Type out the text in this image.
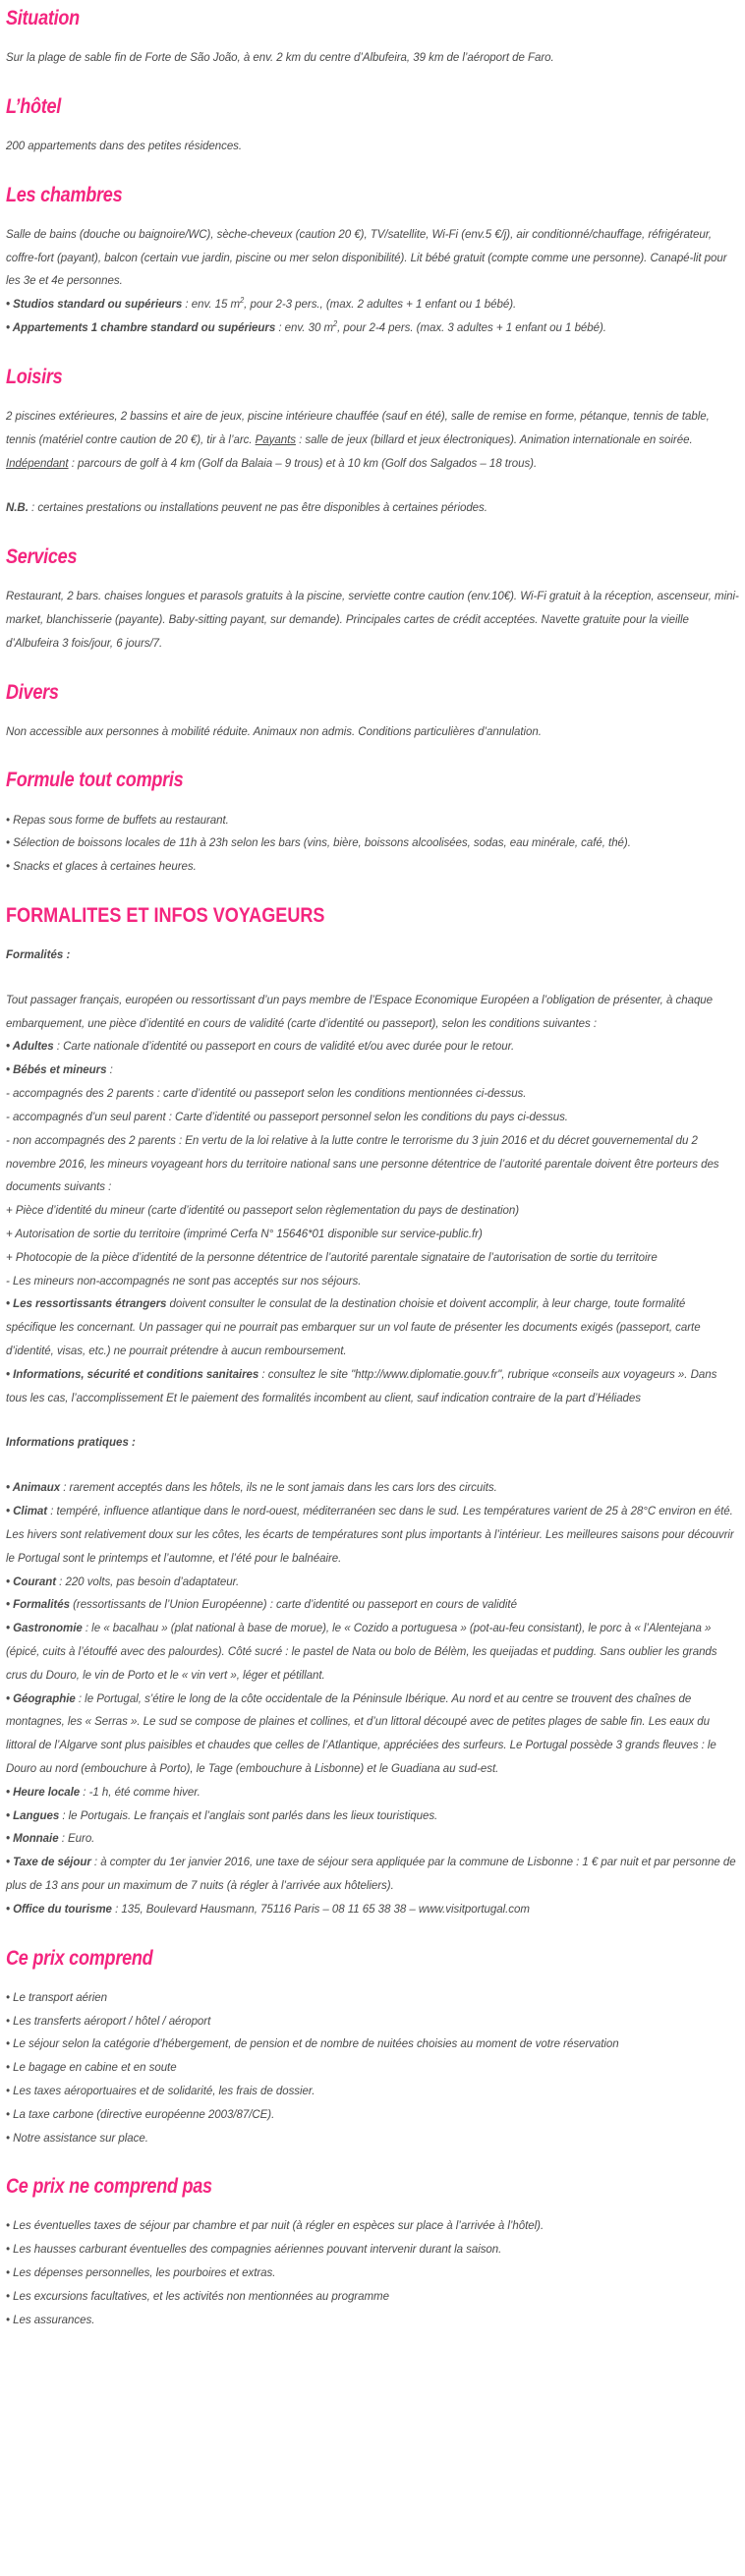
Situation

Sur la plage de sable fin de Forte de São João, à env. 2 km du centre d’Albufeira, 39 km de l’aéroport de Faro.

L’hôtel

200 appartements dans des petites résidences.

Les chambres

Salle de bains (douche ou baignoire/WC), sèche-cheveux (caution 20 €), TV/satellite, Wi-Fi (env.5 €/j), air conditionné/chauffage, réfrigérateur, coffre-fort (payant), balcon (certain vue jardin, piscine ou mer selon disponibilité). Lit bébé gratuit (compte comme une personne). Canapé-lit pour les 3e et 4e personnes.

• Studios standard ou supérieurs : env. 15 $m^2$, pour 2-3 pers., (max. 2 adultes + 1 enfant ou 1 bébé).

• Appartements 1 chambre standard ou supérieurs : env. 30 $m^2$, pour 2-4 pers. (max. 3 adultes + 1 enfant ou 1 bébé).

Loisirs

2 piscines extérieures, 2 bassins et aire de jeux, piscine intérieure chauffée (sauf en été), salle de remise en forme, pétanque, tennis de table, tennis (matériel contre caution de 20 €), tir à l’arc. Payants : salle de jeux (billard et jeux électroniques). Animation internationale en soirée. Indépendant : parcours de golf à 4 km (Golf da Balaia – 9 trous) et à 10 km (Golf dos Salgados – 18 trous).

N.B. : certaines prestations ou installations peuvent ne pas être disponibles à certaines périodes.

Services

Restaurant, 2 bars. chaises longues et parasols gratuits à la piscine, serviette contre caution (env.10€). Wi-Fi gratuit à la réception, ascenseur, mini-market, blanchisserie (payante). Baby-sitting payant, sur demande). Principales cartes de crédit acceptées. Navette gratuite pour la vieille d’Albufeira 3 fois/jour, 6 jours/7.

Divers

Non accessible aux personnes à mobilité réduite. Animaux non admis. Conditions particulières d’annulation.

Formule tout compris

• Repas sous forme de buffets au restaurant.

• Sélection de boissons locales de 11h à 23h selon les bars (vins, bière, boissons alcoolisées, sodas, eau minérale, café, thé).

• Snacks et glaces à certaines heures.

FORMALITES ET INFOS VOYAGEURS

Formalités :

Tout passager français, européen ou ressortissant d’un pays membre de l’Espace Economique Européen a l’obligation de présenter, à chaque embarquement, une pièce d’identité en cours de validité (carte d’identité ou passeport), selon les conditions suivantes :

• Adultes : Carte nationale d’identité ou passeport en cours de validité et/ou avec durée pour le retour.

• Bébés et mineurs :

- accompagnés des 2 parents : carte d’identité ou passeport selon les conditions mentionnées ci-dessus.

- accompagnés d’un seul parent : Carte d’identité ou passeport personnel selon les conditions du pays ci-dessus.

- non accompagnés des 2 parents : En vertu de la loi relative à la lutte contre le terrorisme du 3 juin 2016 et du décret gouvernemental du 2 novembre 2016, les mineurs voyageant hors du territoire national sans une personne détentrice de l’autorité parentale doivent être porteurs des documents suivants :

+ Pièce d’identité du mineur (carte d’identité ou passeport selon règlementation du pays de destination)

+ Autorisation de sortie du territoire (imprimé Cerfa N° 15646*01 disponible sur service-public.fr)

+ Photocopie de la pièce d’identité de la personne détentrice de l’autorité parentale signataire de l’autorisation de sortie du territoire

- Les mineurs non-accompagnés ne sont pas acceptés sur nos séjours.

• Les ressortissants étrangers doivent consulter le consulat de la destination choisie et doivent accomplir, à leur charge, toute formalité spécifique les concernant. Un passager qui ne pourrait pas embarquer sur un vol faute de présenter les documents exigés (passeport, carte d’identité, visas, etc.) ne pourrait prétendre à aucun remboursement.

• Informations, sécurité et conditions sanitaires : consultez le site "http://www.diplomatie.gouv.fr", rubrique «conseils aux voyageurs ». Dans tous les cas, l’accomplissement Et le paiement des formalités incombent au client, sauf indication contraire de la part d’Héliades

Informations pratiques :

• Animaux : rarement acceptés dans les hôtels, ils ne le sont jamais dans les cars lors des circuits.

• Climat : tempéré, influence atlantique dans le nord-ouest, méditerranéen sec dans le sud. Les températures varient de 25 à 28°C environ en été. Les hivers sont relativement doux sur les côtes, les écarts de températures sont plus importants à l’intérieur. Les meilleures saisons pour découvrir le Portugal sont le printemps et l’automne, et l’été pour le balnéaire.

• Courant : 220 volts, pas besoin d’adaptateur.

• Formalités (ressortissants de l’Union Européenne) : carte d’identité ou passeport en cours de validité

• Gastronomie : le « bacalhau » (plat national à base de morue), le « Cozido a portuguesa » (pot-au-feu consistant), le porc à « l’Alentejana » (épicé, cuits à l’étouffé avec des palourdes). Côté sucré : le pastel de Nata ou bolo de Bélèm, les queijadas et pudding. Sans oublier les grands crus du Douro, le vin de Porto et le « vin vert », léger et pétillant.

• Géographie : le Portugal, s’étire le long de la côte occidentale de la Péninsule Ibérique. Au nord et au centre se trouvent des chaînes de montagnes, les « Serras ». Le sud se compose de plaines et collines, et d’un littoral découpé avec de petites plages de sable fin. Les eaux du littoral de l’Algarve sont plus paisibles et chaudes que celles de l’Atlantique, appréciées des surfeurs. Le Portugal possède 3 grands fleuves : le Douro au nord (embouchure à Porto), le Tage (embouchure à Lisbonne) et le Guadiana au sud-est.

• Heure locale : -1 h, été comme hiver.

• Langues : le Portugais. Le français et l’anglais sont parlés dans les lieux touristiques.

• Monnaie : Euro.

• Taxe de séjour : à compter du 1er janvier 2016, une taxe de séjour sera appliquée par la commune de Lisbonne : 1 € par nuit et par personne de plus de 13 ans pour un maximum de 7 nuits (à régler à l’arrivée aux hôteliers).

• Office du tourisme : 135, Boulevard Hausmann, 75116 Paris – 08 11 65 38 38 – www.visitportugal.com

Ce prix comprend

• Le transport aérien

• Les transferts aéroport / hôtel / aéroport

• Le séjour selon la catégorie d’hébergement, de pension et de nombre de nuitées choisies au moment de votre réservation

• Le bagage en cabine et en soute

• Les taxes aéroportuaires et de solidarité, les frais de dossier.

• La taxe carbone (directive européenne 2003/87/CE).

• Notre assistance sur place.

Ce prix ne comprend pas

• Les éventuelles taxes de séjour par chambre et par nuit (à régler en espèces sur place à l’arrivée à l’hôtel).

• Les hausses carburant éventuelles des compagnies aériennes pouvant intervenir durant la saison.

• Les dépenses personnelles, les pourboires et extras.

• Les excursions facultatives, et les activités non mentionnées au programme

• Les assurances.
